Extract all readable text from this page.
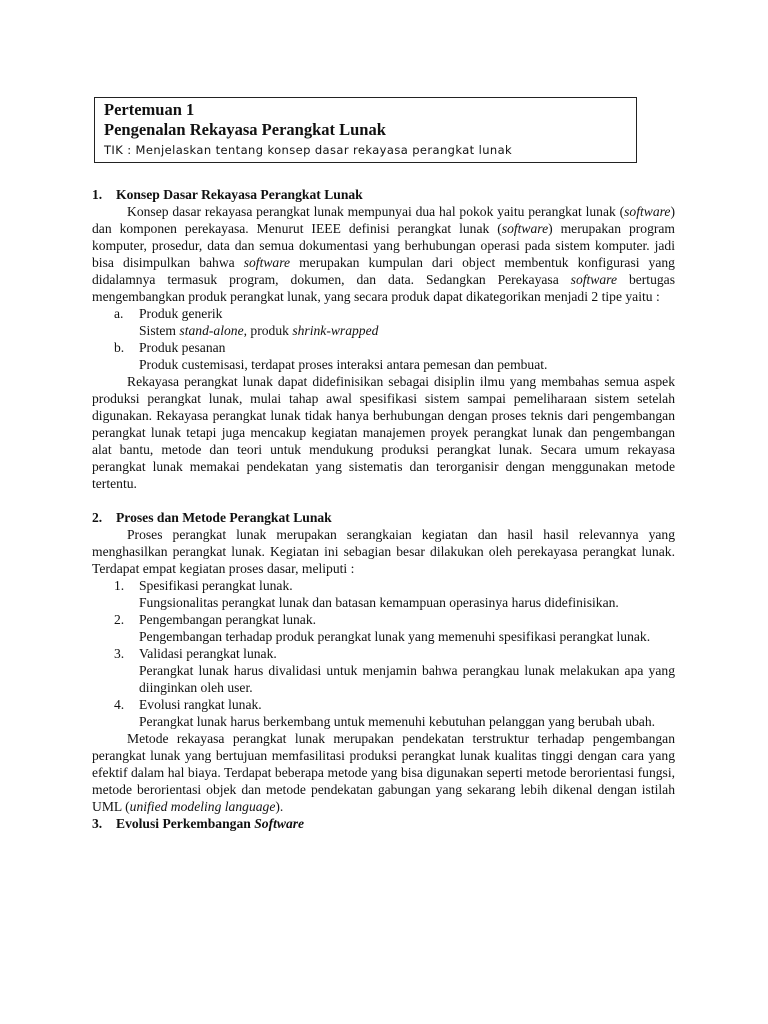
Pertemuan 1
Pengenalan Rekayasa Perangkat Lunak
TIK : Menjelaskan tentang konsep dasar rekayasa perangkat lunak

1. Konsep Dasar Rekayasa Perangkat Lunak

Konsep dasar rekayasa perangkat lunak mempunyai dua hal pokok yaitu perangkat lunak (software) dan komponen perekayasa. Menurut IEEE definisi perangkat lunak (software) merupakan program komputer, prosedur, data dan semua dokumentasi yang berhubungan operasi pada sistem komputer. jadi bisa disimpulkan bahwa software merupakan kumpulan dari object membentuk konfigurasi yang didalamnya termasuk program, dokumen, dan data. Sedangkan Perekayasa software bertugas mengembangkan produk perangkat lunak, yang secara produk dapat dikategorikan menjadi 2 tipe yaitu :

a. Produk generik

Sistem stand-alone, produk shrink-wrapped

b. Produk pesanan

Produk custemisasi, terdapat proses interaksi antara pemesan dan pembuat.

Rekayasa perangkat lunak dapat didefinisikan sebagai disiplin ilmu yang membahas semua aspek produksi perangkat lunak, mulai tahap awal spesifikasi sistem sampai pemeliharaan sistem setelah digunakan. Rekayasa perangkat lunak tidak hanya berhubungan dengan proses teknis dari pengembangan perangkat lunak tetapi juga mencakup kegiatan manajemen proyek perangkat lunak dan pengembangan alat bantu, metode dan teori untuk mendukung produksi perangkat lunak. Secara umum rekayasa perangkat lunak memakai pendekatan yang sistematis dan terorganisir dengan menggunakan metode tertentu.

2. Proses dan Metode Perangkat Lunak

Proses perangkat lunak merupakan serangkaian kegiatan dan hasil hasil relevannya yang menghasilkan perangkat lunak. Kegiatan ini sebagian besar dilakukan oleh perekayasa perangkat lunak. Terdapat empat kegiatan proses dasar, meliputi :

1. Spesifikasi perangkat lunak.

Fungsionalitas perangkat lunak dan batasan kemampuan operasinya harus didefinisikan.

2. Pengembangan perangkat lunak.

Pengembangan terhadap produk perangkat lunak yang memenuhi spesifikasi perangkat lunak.

3. Validasi perangkat lunak.

Perangkat lunak harus divalidasi untuk menjamin bahwa perangkau lunak melakukan apa yang diinginkan oleh user.

4. Evolusi rangkat lunak.

Perangkat lunak harus berkembang untuk memenuhi kebutuhan pelanggan yang berubah ubah.

Metode rekayasa perangkat lunak merupakan pendekatan terstruktur terhadap pengembangan perangkat lunak yang bertujuan memfasilitasi produksi perangkat lunak kualitas tinggi dengan cara yang efektif dalam hal biaya. Terdapat beberapa metode yang bisa digunakan seperti metode berorientasi fungsi, metode berorientasi objek dan metode pendekatan gabungan yang sekarang lebih dikenal dengan istilah UML (unified modeling language).

3. Evolusi Perkembangan Software
